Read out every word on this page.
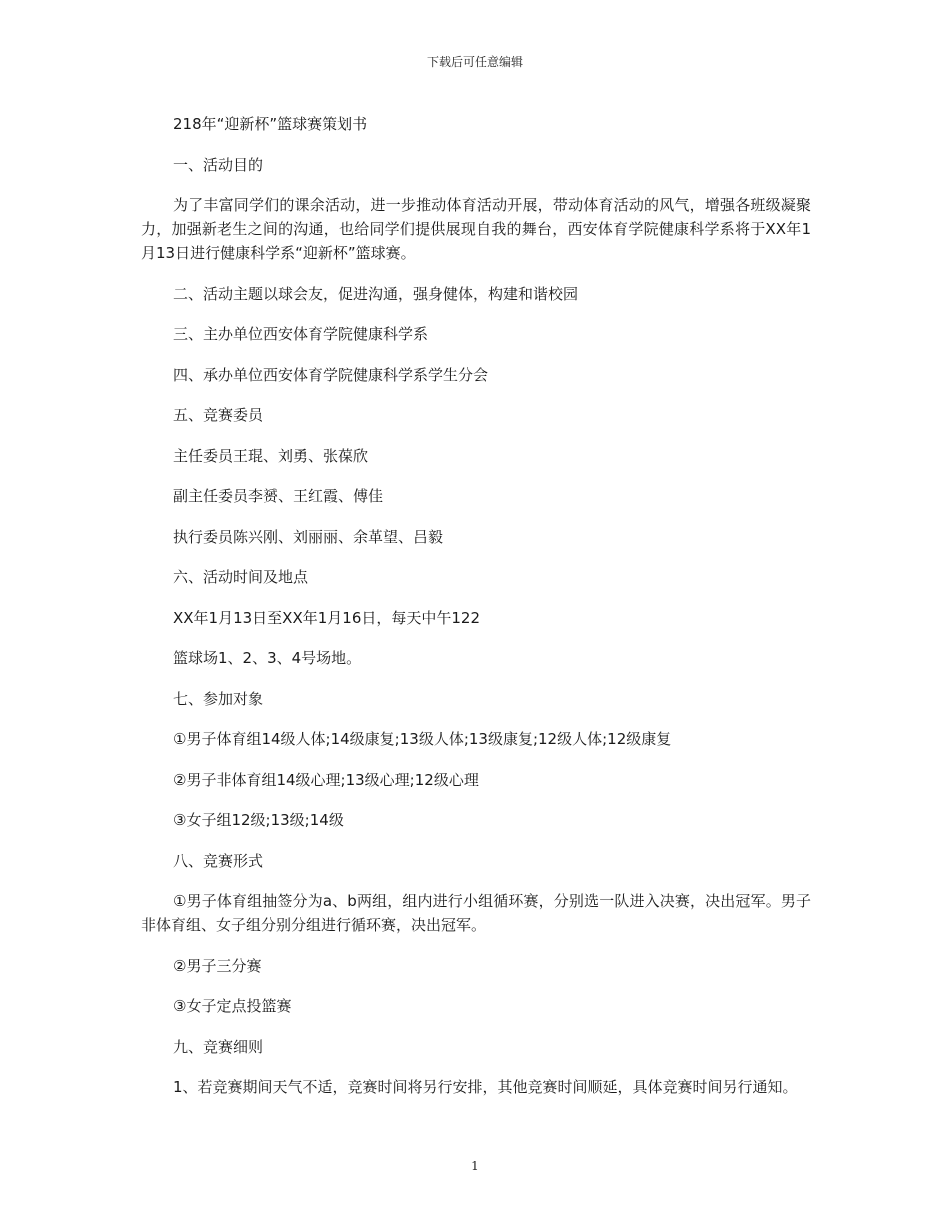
下载后可任意编辑

218年“迎新杯”篮球赛策划书

一、活动目的

为了丰富同学们的课余活动，进一步推动体育活动开展，带动体育活动的风气，增强各班级凝聚力，加强新老生之间的沟通，也给同学们提供展现自我的舞台，西安体育学院健康科学系将于XX年1月13日进行健康科学系“迎新杯”篮球赛。

二、活动主题以球会友，促进沟通，强身健体，构建和谐校园

三、主办单位西安体育学院健康科学系

四、承办单位西安体育学院健康科学系学生分会

五、竞赛委员

主任委员王琨、刘勇、张葆欣

副主任委员李赟、王红霞、傅佳

执行委员陈兴刚、刘丽丽、余革望、吕毅

六、活动时间及地点

XX年1月13日至XX年1月16日，每天中午122

篮球场1、2、3、4号场地。

七、参加对象

①男子体育组14级人体;14级康复;13级人体;13级康复;12级人体;12级康复

②男子非体育组14级心理;13级心理;12级心理

③女子组12级;13级;14级

八、竞赛形式

①男子体育组抽签分为a、b两组，组内进行小组循环赛，分别选一队进入决赛，决出冠军。男子非体育组、女子组分别分组进行循环赛，决出冠军。

②男子三分赛

③女子定点投篮赛

九、竞赛细则

1、若竞赛期间天气不适，竞赛时间将另行安排，其他竞赛时间顺延，具体竞赛时间另行通知。

1
